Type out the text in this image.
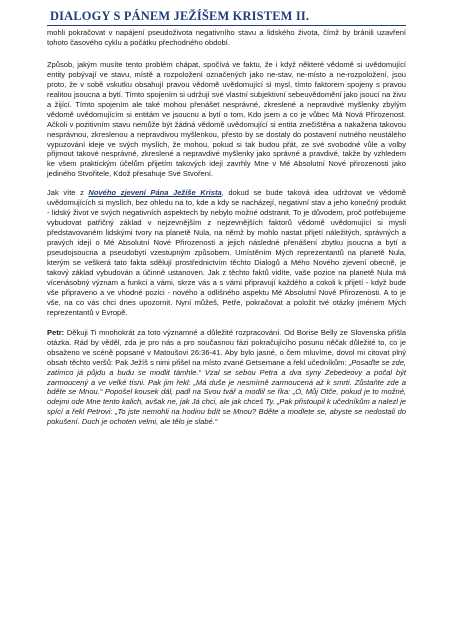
DIALOGY S PÁNEM JEŽÍŠEM KRISTEM II.

mohli pokračovat v napájení pseudoživota negativního stavu a lidského života, čímž by bránili uzavření tohoto časového cyklu a počátku přechodného období.

Způsob, jakým musíte tento problém chápat, spočívá ve faktu, že i když některé vědomě si uvědomující entity pobývají ve stavu, místě a rozpoložení označených jako ne-stav, ne-místo a ne-rozpoložení, jsou proto, že v sobě vskutku obsahují pravou vědomě uvědomující si mysl, tímto faktorem spojeny s pravou realitou jsoucna a bytí. Tímto spojením si udržují své vlastní subjektivní sebeuvědomění jako jsoucí na živu a žijící. Tímto spojením ale také mohou přenášet nesprávné, zkreslené a nepravdivé myšlenky zbylým vědomě uvědomujícím si entitám ve jsoucnu a bytí o tom, Kdo jsem a co je vůbec Má Nová Přirozenost. Ačkoli v pozitivním stavu nemůže být žádná vědomě uvědomující si entita znečištěna a nakažena takovou nesprávnou, zkreslenou a nepravdivou myšlenkou, přesto by se dostaly do postavení nutného neustálého vypuzování ideje ve svých myslích, že mohou, pokud si tak budou přát, ze své svobodné vůle a volby přijmout takové nesprávné, zkreslené a nepravdivé myšlenky jako správné a pravdivé, takže by vzhledem ke všem praktickým účelům přijetím takových idejí zavrhly Mne v Mé Absolutní Nové přirozenosti jako jediného Stvořitele, Kdož přesahuje Své Stvoření.

Jak víte z Nového zjevení Pána Ježíše Krista, dokud se bude taková idea udržovat ve vědomě uvědomujících si myslích, bez ohledu na to, kde a kdy se nacházejí, negativní stav a jeho konečný produkt - lidský život ve svých negativních aspektech by nebylo možné odstranit. To je důvodem, proč potřebujeme vybudovat patřičný základ v nejzevnějším z nejzevnějších faktorů vědomě uvědomující si mysli představovaném lidskými tvory na planetě Nula, na němž by mohlo nastat přijetí náležitých, správných a pravých idejí o Mé Absolutní Nové Přirozenosti a jejich následné přenášení zbytku jsoucna a bytí a pseudojsoucna a pseudobytí vzestupným způsobem. Umístěním Mých reprezentantů na planetě Nula, kterým se veškerá tato fakta sdělují prostřednictvím těchto Dialogů a Mého Nového zjevení obecně, je takový základ vybudován a účinně ustanoven. Jak z těchto faktů vidíte, vaše pozice na planetě Nula má vícenásobný význam a funkci a vámi, skrze vás a s vámi připravují každého a cokoli k přijetí - když bude vše připraveno a ve vhodné pozici - nového a odlišného aspektu Mé Absolutní Nové Přirozenosti. A to je vše, na co vás chci dnes upozornit. Nyní můžeš, Petře, pokračovat a položit tvé otázky jménem Mých reprezentantů v Evropě.

Petr: Děkuji Ti mnohokrát za toto významné a důležité rozpracování. Od Borise Belly ze Slovenska přišla otázka. Rád by věděl, zda je pro nás a pro současnou fázi pokračujícího posunu něčak důležité to, co je obsaženo ve scéně popsané v Matoušovi 26:36-41. Aby bylo jasné, o čem mluvíme, dovol mi citovat plný obsah těchto veršů: Pak Ježíš s nimi přišel na místo zvané Getsemane a řekl učedníkům: „Posaďte se zde, zatímco já půjdu a budu se modlit támhle.“ Vzal se sebou Petra a dva syny Zebedeovy a počal být zarmoucený a ve velké tísni. Pak jim řekl: „Má duše je nesmírně zarmoucená až k smrti. Zůstaňte zde a bděte se Mnou.“ Popošel kousek dál, padl na Svou tvář a modlil se řka: „Ó, Můj Otče, pokud je to možné, odejmi ode Mne tento kalich, avšak ne, jak Já chci, ale jak chceš Ty. „Pak přistoupil k učedníkům a nalezl je spící a řekl Petrovi: „To jste nemohli na hodinu bdít se Mnou? Bděte a modlete se, abyste se nedostali do pokušení. Duch je ochoten velmi, ale tělo je slabé.“
